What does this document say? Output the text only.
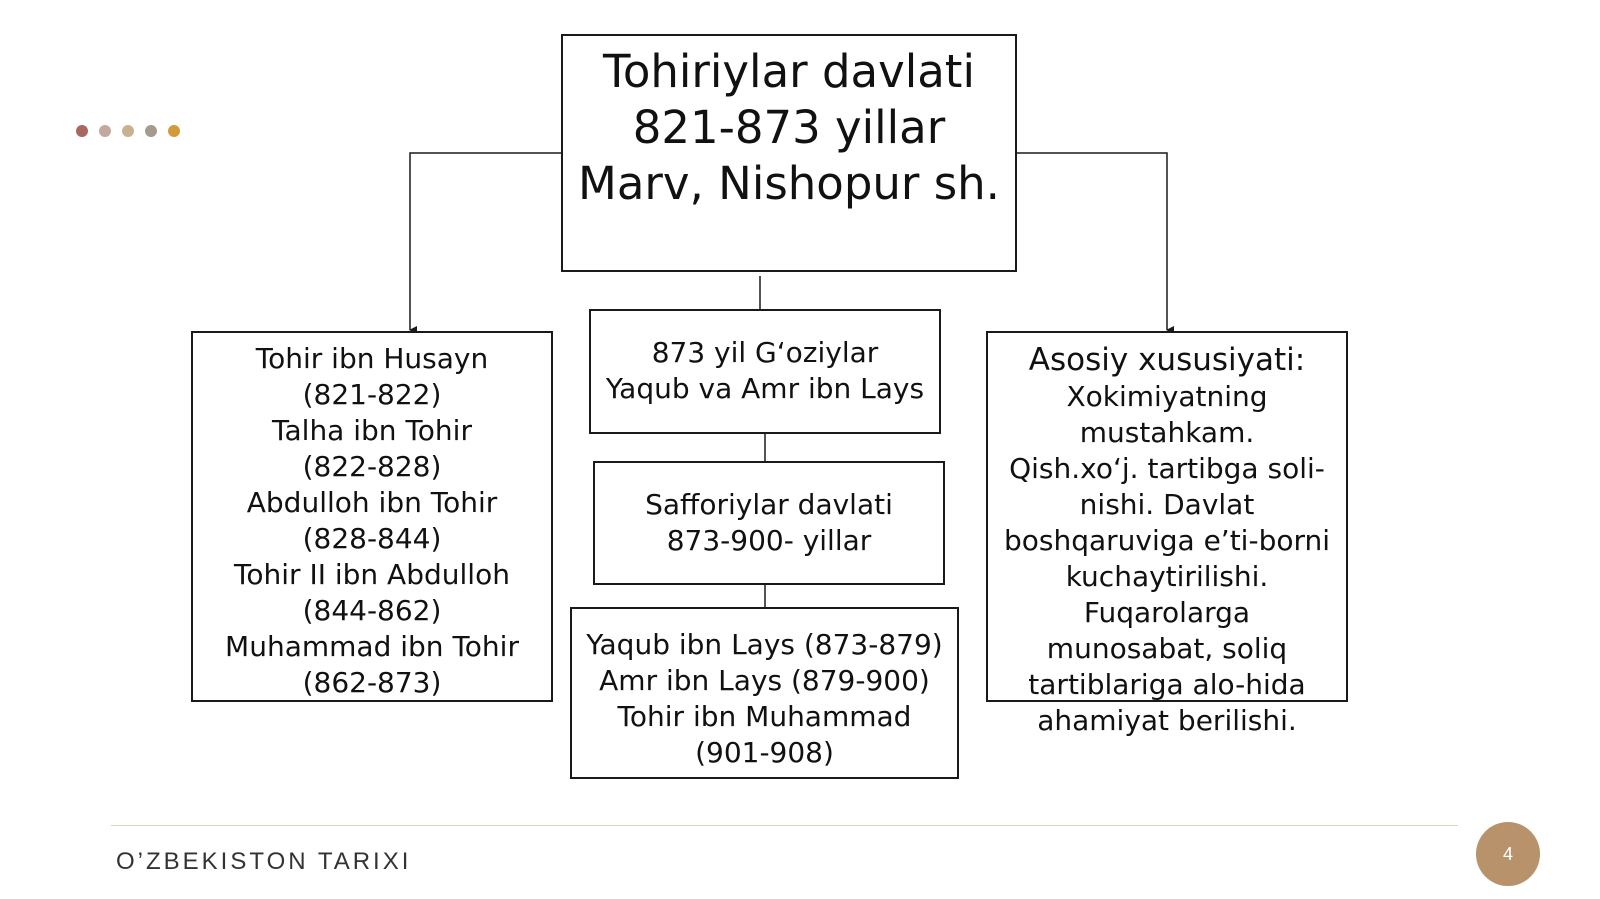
Tohiriylar davlati
821-873 yillar
Marv, Nishopur sh.
Tohir ibn Husayn
(821-822)
Talha ibn Tohir
(822-828)
Abdulloh ibn Tohir
(828-844)
Tohir II ibn Abdulloh
(844-862)
Muhammad ibn Tohir
(862-873)
873 yil G‘oziylar
Yaqub va Amr ibn Lays
Safforiylar davlati
873-900- yillar
Yaqub ibn Lays (873-879)
Amr ibn Lays (879-900)
Tohir ibn Muhammad
(901-908)
Asosiy xususiyati:
Xokimiyatning
mustahkam.
Qish.xo‘j. tartibga soli-
nishi. Davlat
boshqaruviga e’ti-borni
kuchaytirilishi.
Fuqarolarga
munosabat, soliq
tartiblariga alo-hida
ahamiyat berilishi.
O’ZBEKISTON TARIXI	4
